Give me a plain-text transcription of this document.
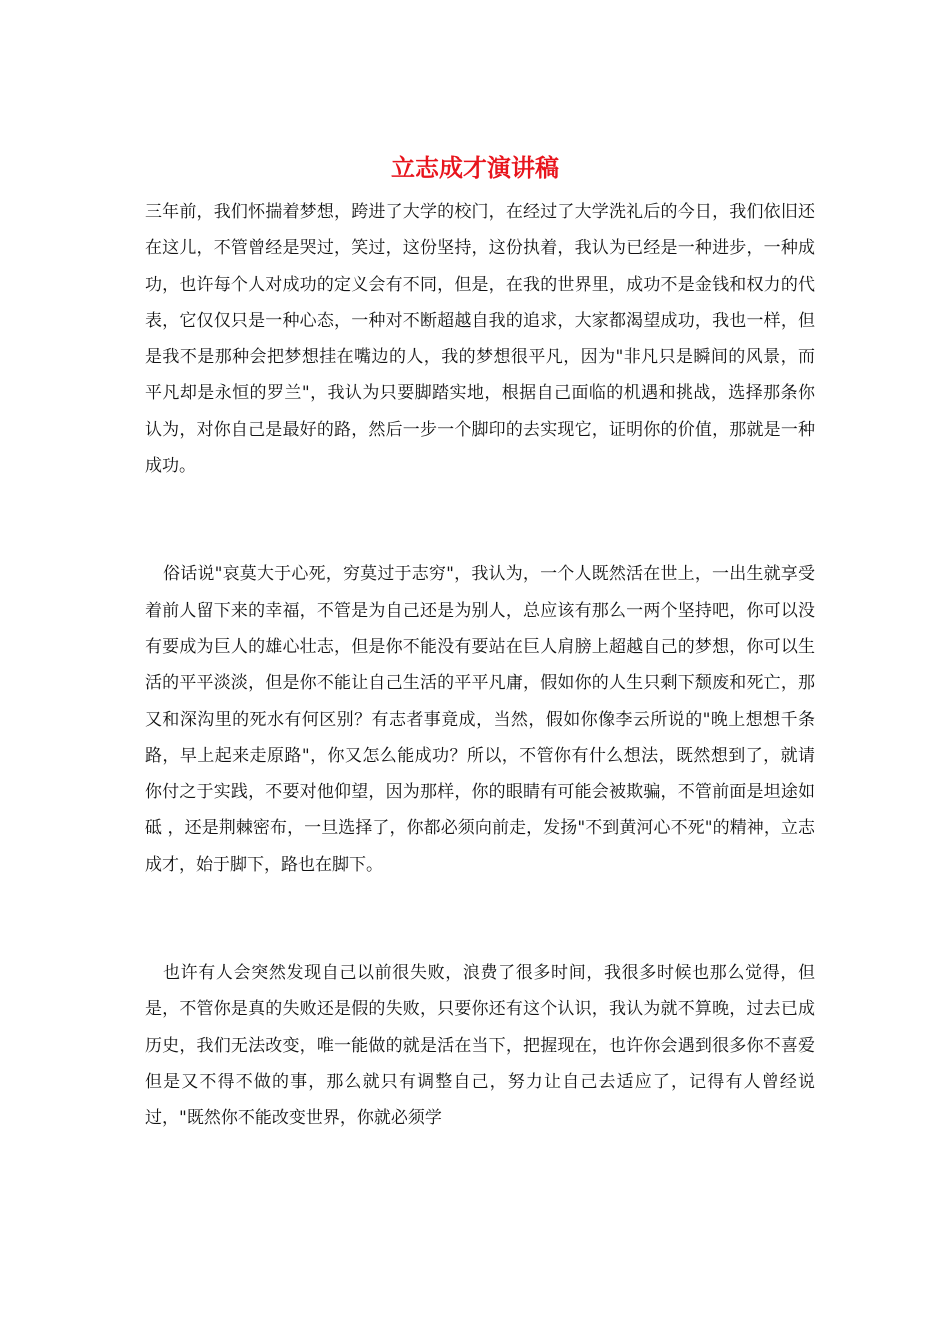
立志成才演讲稿

三年前，我们怀揣着梦想，跨进了大学的校门，在经过了大学洗礼后的今日，我们依旧还在这儿，不管曾经是哭过，笑过，这份坚持，这份执着，我认为已经是一种进步，一种成功，也许每个人对成功的定义会有不同，但是，在我的世界里，成功不是金钱和权力的代表，它仅仅只是一种心态，一种对不断超越自我的追求，大家都渴望成功，我也一样，但是我不是那种会把梦想挂在嘴边的人，我的梦想很平凡，因为"非凡只是瞬间的风景，而平凡却是永恒的罗兰"，我认为只要脚踏实地，根据自己面临的机遇和挑战，选择那条你认为，对你自己是最好的路，然后一步一个脚印的去实现它，证明你的价值，那就是一种成功。

俗话说"哀莫大于心死，穷莫过于志穷"，我认为，一个人既然活在世上，一出生就享受着前人留下来的幸福，不管是为自己还是为别人，总应该有那么一两个坚持吧，你可以没有要成为巨人的雄心壮志，但是你不能没有要站在巨人肩膀上超越自己的梦想，你可以生活的平平淡淡，但是你不能让自己生活的平平凡庸，假如你的人生只剩下颓废和死亡，那又和深沟里的死水有何区别？有志者事竟成，当然，假如你像李云所说的"晚上想想千条路，早上起来走原路"，你又怎么能成功？所以，不管你有什么想法，既然想到了，就请你付之于实践，不要对他仰望，因为那样，你的眼睛有可能会被欺骗，不管前面是坦途如砥 ，还是荆棘密布，一旦选择了，你都必须向前走，发扬"不到黄河心不死"的精神，立志成才，始于脚下，路也在脚下。

也许有人会突然发现自己以前很失败，浪费了很多时间，我很多时候也那么觉得，但是，不管你是真的失败还是假的失败，只要你还有这个认识，我认为就不算晚，过去已成历史，我们无法改变，唯一能做的就是活在当下，把握现在，也许你会遇到很多你不喜爱但是又不得不做的事，那么就只有调整自己，努力让自己去适应了，记得有人曾经说过，"既然你不能改变世界，你就必须学
